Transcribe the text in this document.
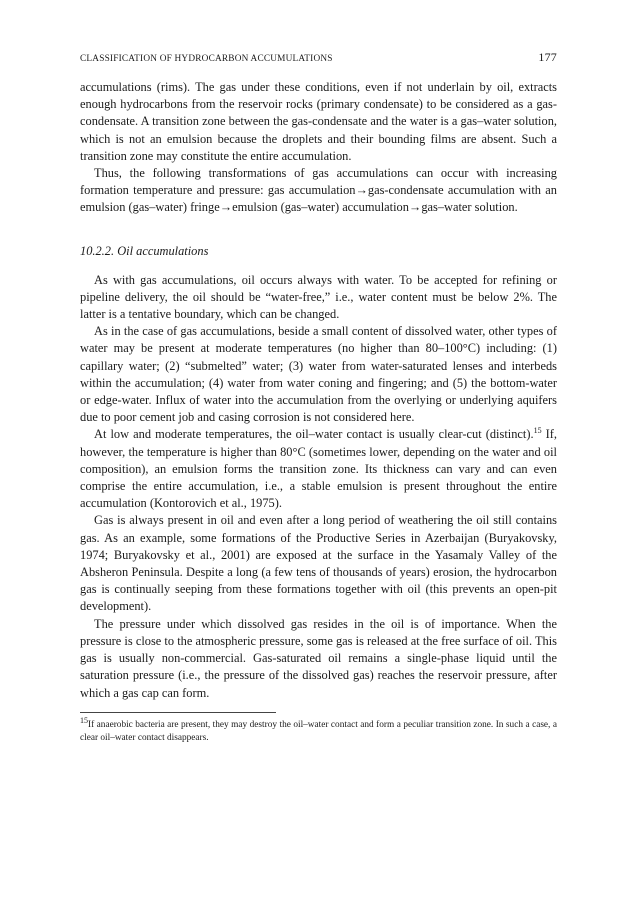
CLASSIFICATION OF HYDROCARBON ACCUMULATIONS	177

accumulations (rims). The gas under these conditions, even if not underlain by oil, extracts enough hydrocarbons from the reservoir rocks (primary condensate) to be considered as a gas-condensate. A transition zone between the gas-condensate and the water is a gas–water solution, which is not an emulsion because the droplets and their bounding films are absent. Such a transition zone may constitute the entire accumulation.

Thus, the following transformations of gas accumulations can occur with increasing formation temperature and pressure: gas accumulation→gas-condensate accumulation with an emulsion (gas–water) fringe→emulsion (gas–water) accumulation→gas–water solution.

10.2.2. Oil accumulations

As with gas accumulations, oil occurs always with water. To be accepted for refining or pipeline delivery, the oil should be “water-free,” i.e., water content must be below 2%. The latter is a tentative boundary, which can be changed.

As in the case of gas accumulations, beside a small content of dissolved water, other types of water may be present at moderate temperatures (no higher than 80–100°C) including: (1) capillary water; (2) “submelted” water; (3) water from water-saturated lenses and interbeds within the accumulation; (4) water from water coning and fingering; and (5) the bottom-water or edge-water. Influx of water into the accumulation from the overlying or underlying aquifers due to poor cement job and casing corrosion is not considered here.

At low and moderate temperatures, the oil–water contact is usually clear-cut (distinct).$^{15}$ If, however, the temperature is higher than 80°C (sometimes lower, depending on the water and oil composition), an emulsion forms the transition zone. Its thickness can vary and can even comprise the entire accumulation, i.e., a stable emulsion is present throughout the entire accumulation (Kontorovich et al., 1975).

Gas is always present in oil and even after a long period of weathering the oil still contains gas. As an example, some formations of the Productive Series in Azerbaijan (Buryakovsky, 1974; Buryakovsky et al., 2001) are exposed at the surface in the Yasamaly Valley of the Absheron Peninsula. Despite a long (a few tens of thousands of years) erosion, the hydrocarbon gas is continually seeping from these formations together with oil (this prevents an open-pit development).

The pressure under which dissolved gas resides in the oil is of importance. When the pressure is close to the atmospheric pressure, some gas is released at the free surface of oil. This gas is usually non-commercial. Gas-saturated oil remains a single-phase liquid until the saturation pressure (i.e., the pressure of the dissolved gas) reaches the reservoir pressure, after which a gas cap can form.

$^{15}$If anaerobic bacteria are present, they may destroy the oil–water contact and form a peculiar transition zone. In such a case, a clear oil–water contact disappears.
